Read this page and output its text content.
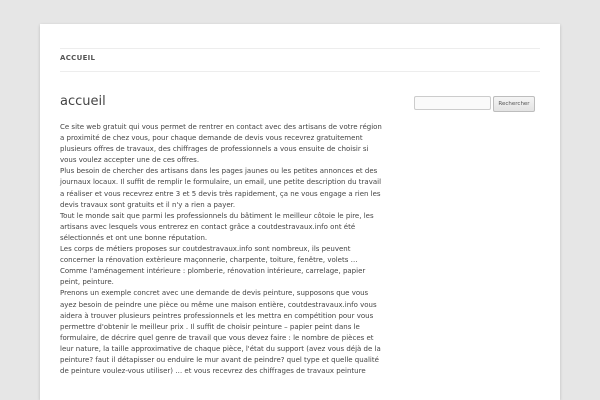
ACCUEIL
accueil

Ce site web gratuit qui vous permet de rentrer en contact avec des artisans de votre région a proximité de chez vous, pour chaque demande de devis vous recevrez gratuitement plusieurs offres de travaux, des chiffrages de professionnels a vous ensuite de choisir si vous voulez accepter une de ces offres.

Plus besoin de chercher des artisans dans les pages jaunes ou les petites annonces et des journaux locaux. Il suffit de remplir le formulaire, un email, une petite description du travail a réaliser et vous recevrez entre 3 et 5 devis très rapidement, ça ne vous engage a rien les devis travaux sont gratuits et il n'y a rien a payer.

Tout le monde sait que parmi les professionnels du bâtiment le meilleur côtoie le pire, les artisans avec lesquels vous entrerez en contact grâce a coutdestravaux.info ont été sélectionnés et ont une bonne réputation.

Les corps de métiers proposes sur coutdestravaux.info sont nombreux, ils peuvent concerner la rénovation extèrieure maçonnerie, charpente, toiture, fenêtre, volets … Comme l'aménagement intérieure : plomberie, rénovation intérieure, carrelage, papier peint, peinture.

Prenons un exemple concret avec une demande de devis peinture, supposons que vous ayez besoin de peindre une pièce ou même une maison entière, coutdestravaux.info vous aidera à trouver plusieurs peintres professionnels et les mettra en compétition pour vous permettre d'obtenir le meilleur prix . Il suffit de choisir peinture – papier peint dans le formulaire, de décrire quel genre de travail que vous devez faire : le nombre de pièces et leur nature, la taille approximative de chaque pièce, l'état du support (avez vous déjà de la peinture? faut il détapisser ou enduire le mur avant de peindre? quel type et quelle qualité de peinture voulez-vous utiliser) … et vous recevrez des chiffrages de travaux peinture

Rechercher
